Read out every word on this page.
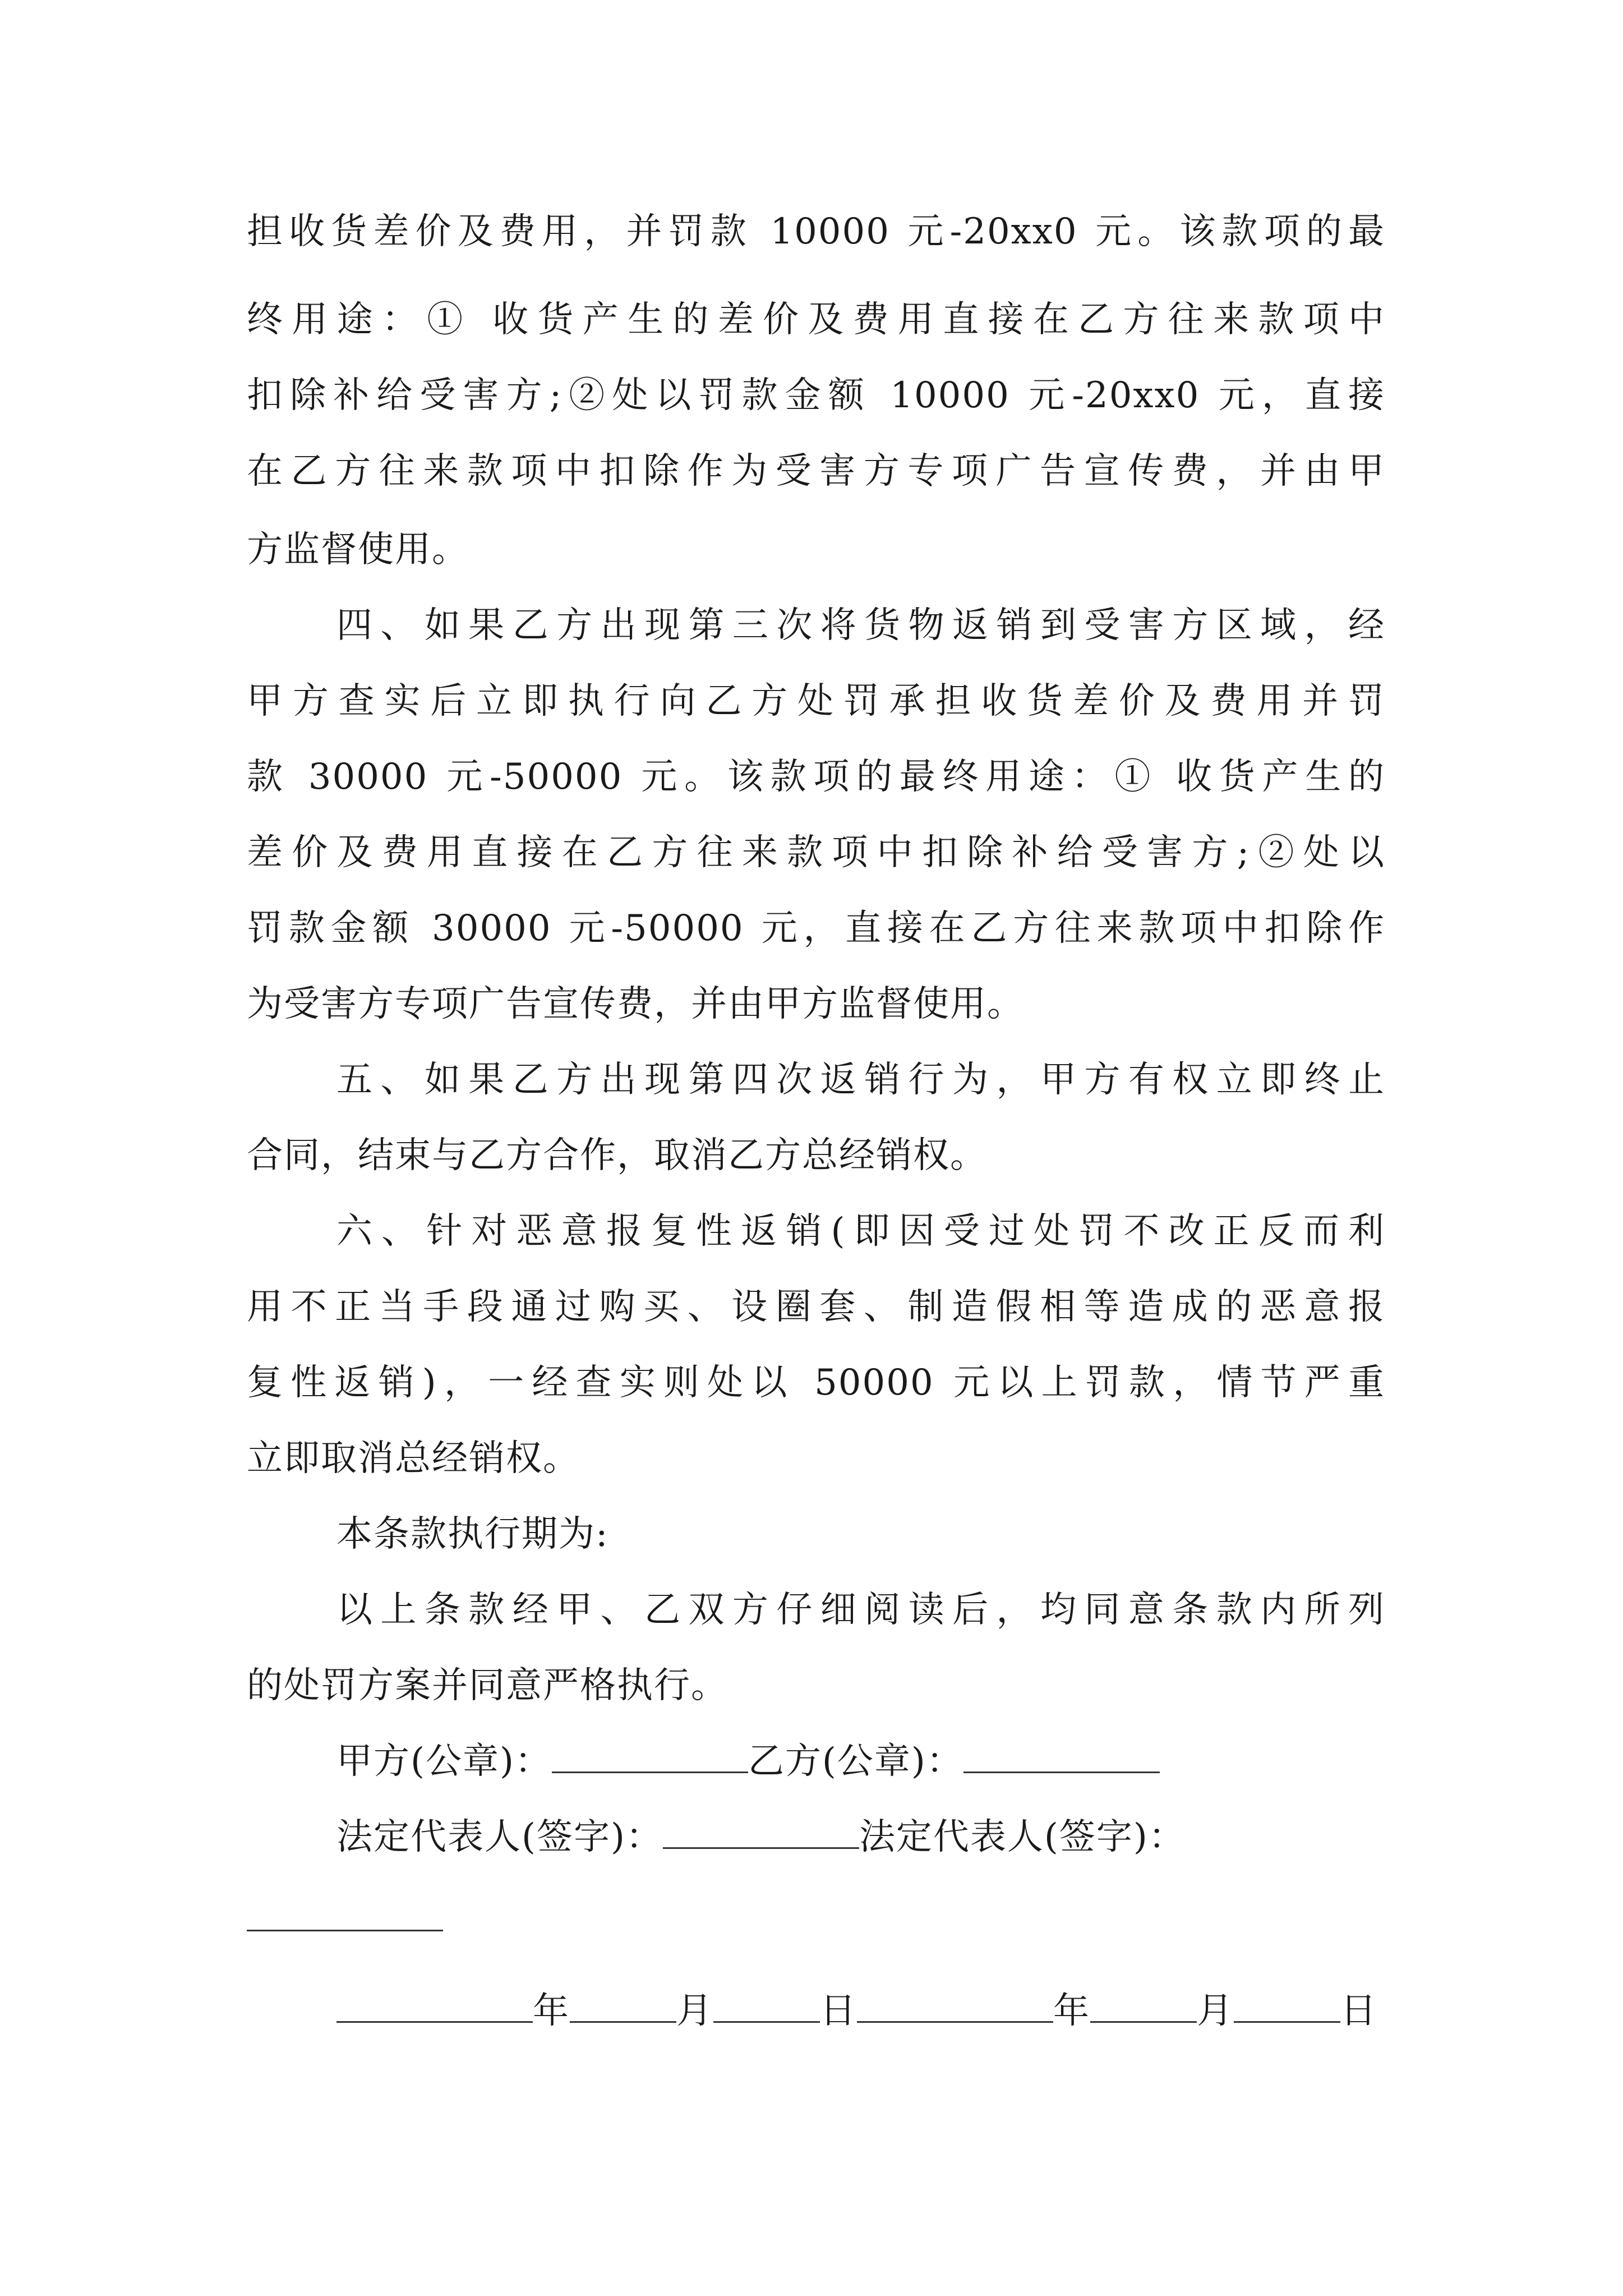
担收货差价及费用，并罚款 10000 元-20xx0 元。该款项的最
终用途：① 收货产生的差价及费用直接在乙方往来款项中
扣除补给受害方;②处以罚款金额 10000 元-20xx0 元，直接
在乙方往来款项中扣除作为受害方专项广告宣传费，并由甲
方监督使用。
四、如果乙方出现第三次将货物返销到受害方区域，经
甲方查实后立即执行向乙方处罚承担收货差价及费用并罚
款 30000 元-50000 元。该款项的最终用途：① 收货产生的
差价及费用直接在乙方往来款项中扣除补给受害方;②处以
罚款金额 30000 元-50000 元，直接在乙方往来款项中扣除作
为受害方专项广告宣传费，并由甲方监督使用。
五、如果乙方出现第四次返销行为，甲方有权立即终止
合同，结束与乙方合作，取消乙方总经销权。
六、针对恶意报复性返销(即因受过处罚不改正反而利
用不正当手段通过购买、设圈套、制造假相等造成的恶意报
复性返销)，一经查实则处以 50000 元以上罚款，情节严重
立即取消总经销权。
本条款执行期为:
以上条款经甲、乙双方仔细阅读后，均同意条款内所列
的处罚方案并同意严格执行。
甲方(公章)：	乙方(公章)：
法定代表人(签字)：	法定代表人(签字)：
年	月	日	年	月	日
